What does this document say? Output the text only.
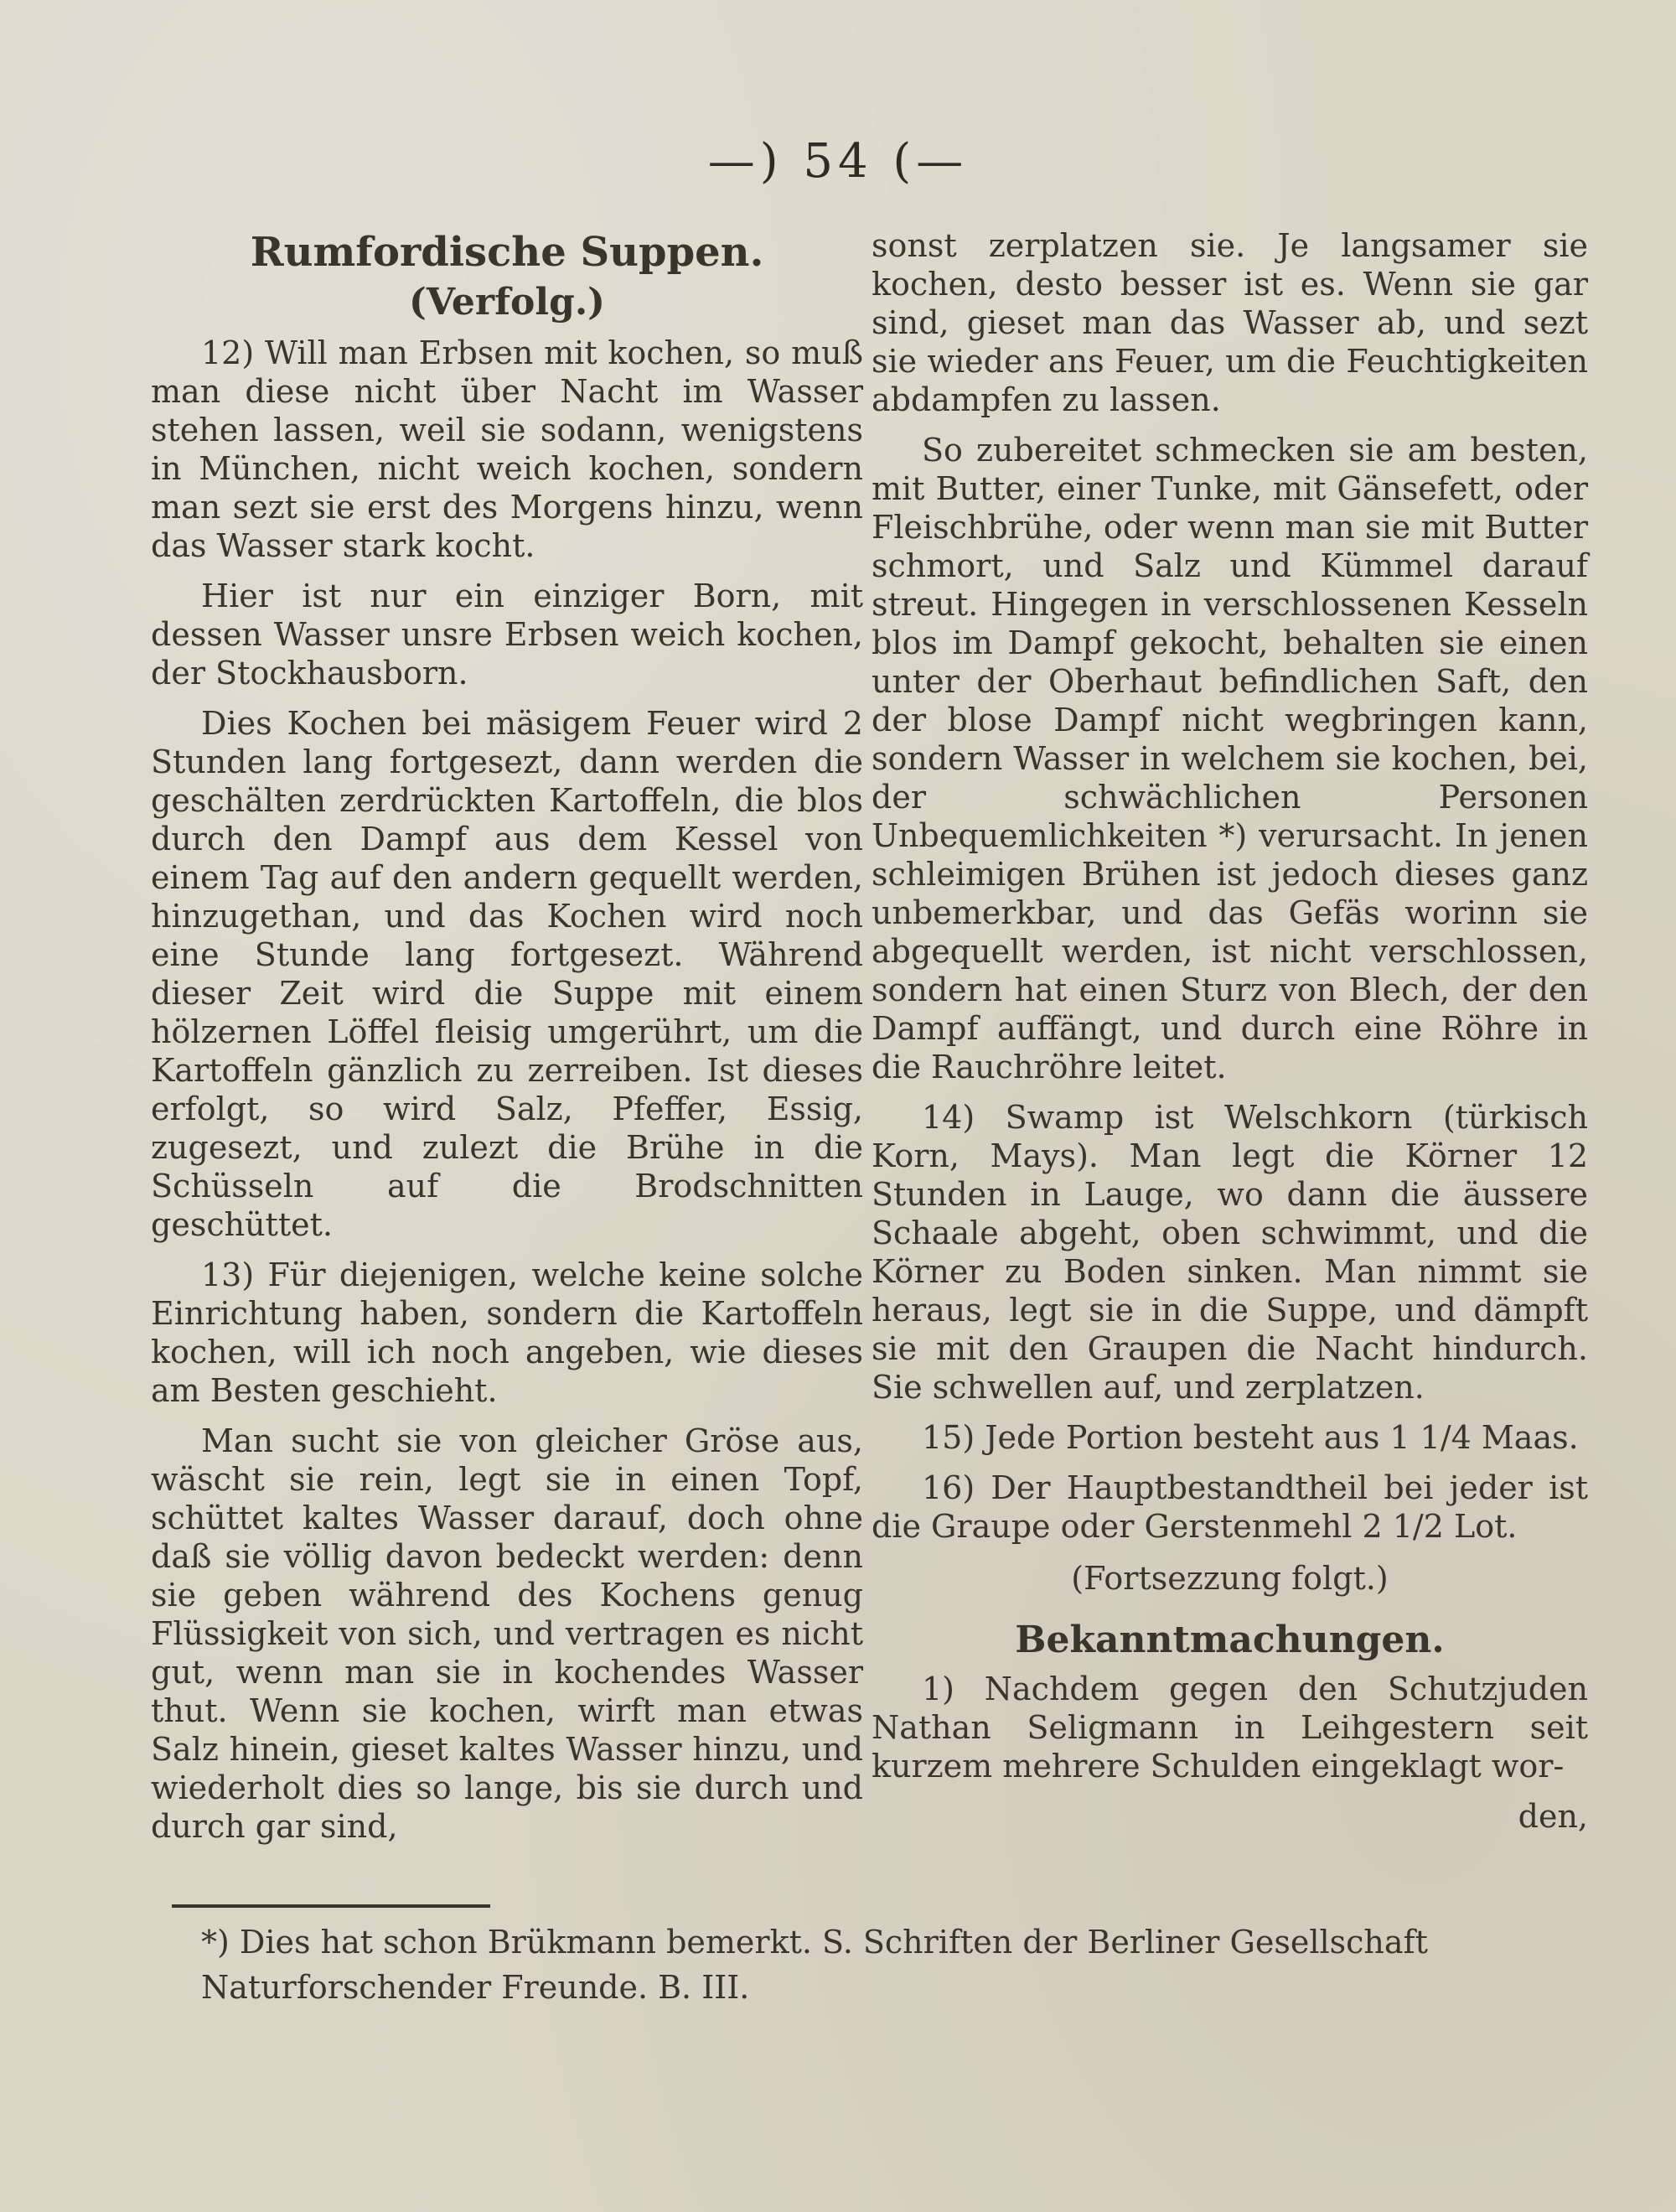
—) 54 (—
Rumfordische Suppen.
(Verfolg.)

12) Will man Erbsen mit kochen, so muß man diese nicht über Nacht im Wasser stehen lassen, weil sie sodann, wenigstens in München, nicht weich kochen, sondern man sezt sie erst des Morgens hinzu, wenn das Wasser stark kocht.

Hier ist nur ein einziger Born, mit dessen Wasser unsre Erbsen weich kochen, der Stockhausborn.

Dies Kochen bei mäsigem Feuer wird 2 Stunden lang fortgesezt, dann werden die geschälten zerdrückten Kartoffeln, die blos durch den Dampf aus dem Kessel von einem Tag auf den andern gequellt werden, hinzugethan, und das Kochen wird noch eine Stunde lang fortgesezt. Während dieser Zeit wird die Suppe mit einem hölzernen Löffel fleisig umgerührt, um die Kartoffeln gänzlich zu zerreiben. Ist dieses erfolgt, so wird Salz, Pfeffer, Essig, zugesezt, und zulezt die Brühe in die Schüsseln auf die Brodschnitten geschüttet.

13) Für diejenigen, welche keine solche Einrichtung haben, sondern die Kartoffeln kochen, will ich noch angeben, wie dieses am Besten geschieht.

Man sucht sie von gleicher Gröse aus, wäscht sie rein, legt sie in einen Topf, schüttet kaltes Wasser darauf, doch ohne daß sie völlig davon bedeckt werden: denn sie geben während des Kochens genug Flüssigkeit von sich, und vertragen es nicht gut, wenn man sie in kochendes Wasser thut. Wenn sie kochen, wirft man etwas Salz hinein, gieset kaltes Wasser hinzu, und wiederholt dies so lange, bis sie durch und durch gar sind,

sonst zerplatzen sie. Je langsamer sie kochen, desto besser ist es. Wenn sie gar sind, gieset man das Wasser ab, und sezt sie wieder ans Feuer, um die Feuchtigkeiten abdampfen zu lassen.

So zubereitet schmecken sie am besten, mit Butter, einer Tunke, mit Gänsefett, oder Fleischbrühe, oder wenn man sie mit Butter schmort, und Salz und Kümmel darauf streut. Hingegen in verschlossenen Kesseln blos im Dampf gekocht, behalten sie einen unter der Oberhaut befindlichen Saft, den der blose Dampf nicht wegbringen kann, sondern Wasser in welchem sie kochen, bei, der schwächlichen Personen Unbequemlichkeiten *) verursacht. In jenen schleimigen Brühen ist jedoch dieses ganz unbemerkbar, und das Gefäs worinn sie abgequellt werden, ist nicht verschlossen, sondern hat einen Sturz von Blech, der den Dampf auffängt, und durch eine Röhre in die Rauchröhre leitet.

14) Swamp ist Welschkorn (türkisch Korn, Mays). Man legt die Körner 12 Stunden in Lauge, wo dann die äussere Schaale abgeht, oben schwimmt, und die Körner zu Boden sinken. Man nimmt sie heraus, legt sie in die Suppe, und dämpft sie mit den Graupen die Nacht hindurch. Sie schwellen auf, und zerplatzen.

15) Jede Portion besteht aus 1 1/4 Maas.

16) Der Hauptbestandtheil bei jeder ist die Graupe oder Gerstenmehl 2 1/2 Lot.

(Fortsezzung folgt.)

Bekanntmachungen.

1) Nachdem gegen den Schutzjuden Nathan Seligmann in Leihgestern seit kurzem mehrere Schulden eingeklagt wor-

den,

*) Dies hat schon Brükmann bemerkt. S. Schriften der Berliner Gesellschaft Naturforschender Freunde. B. III.
